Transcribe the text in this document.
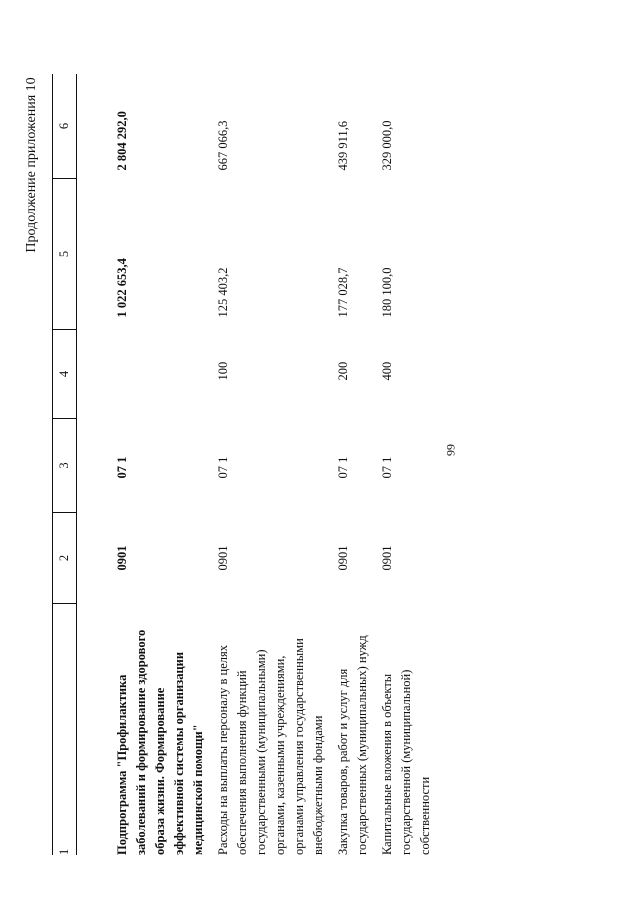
99
Продолжение приложения 10
1	2	3	4	5	6
Подпрограмма "Профилактика заболеваний и формирование здорового образа жизни. Формирование эффективной системы организации медицинской помощи"	0901	07 1		1 022 653,4	2 804 292,0
Расходы на выплаты персоналу в целях обеспечения выполнения функций государственными (муниципальными) органами, казенными учреждениями, органами управления государственными внебюджетными фондами	0901	07 1	100	125 403,2	667 066,3
Закупка товаров, работ и услуг для государственных (муниципальных) нужд	0901	07 1	200	177 028,7	439 911,6
Капитальные вложения в объекты государственной (муниципальной) собственности	0901	07 1	400	180 100,0	329 000,0
